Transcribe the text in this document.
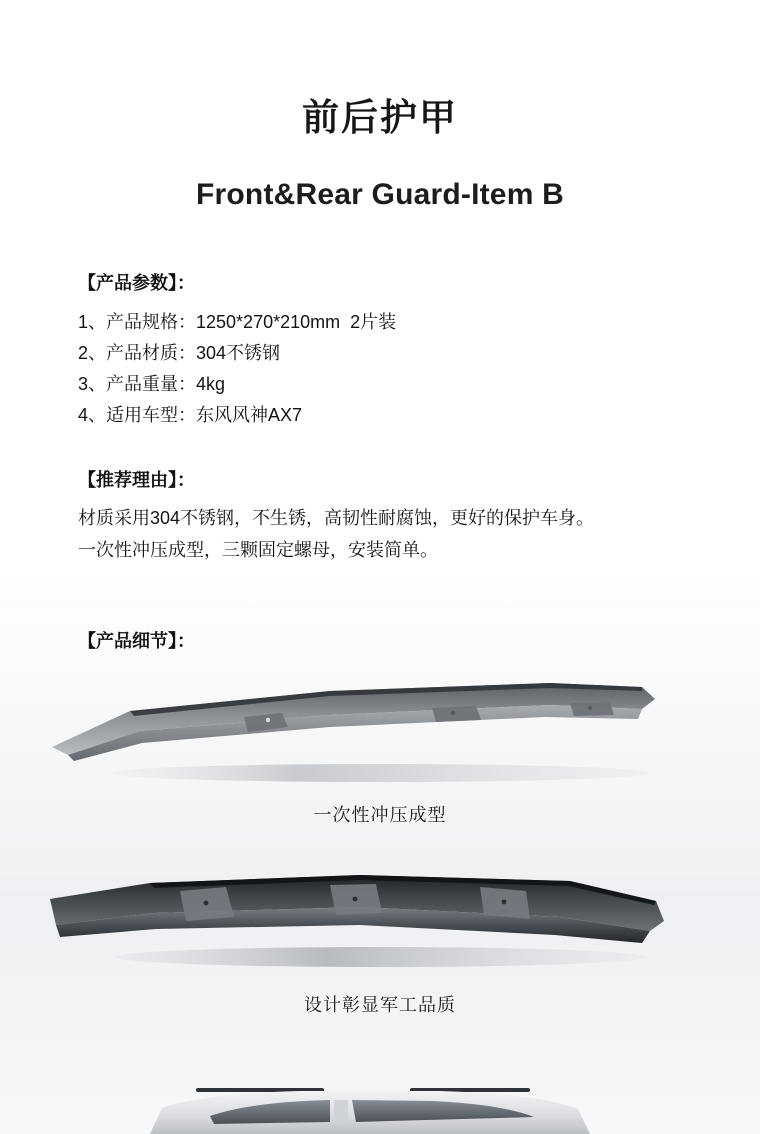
前后护甲
Front&Rear Guard-Item B

【产品参数】：

1、产品规格：1250*270*210mm  2片装

2、产品材质：304不锈钢

3、产品重量：4kg

4、适用车型：东风风神AX7

【推荐理由】：

材质采用304不锈钢，不生锈，高韧性耐腐蚀，更好的保护车身。

一次性冲压成型，三颗固定螺母，安装简单。

【产品细节】：

一次性冲压成型
设计彰显军工品质
